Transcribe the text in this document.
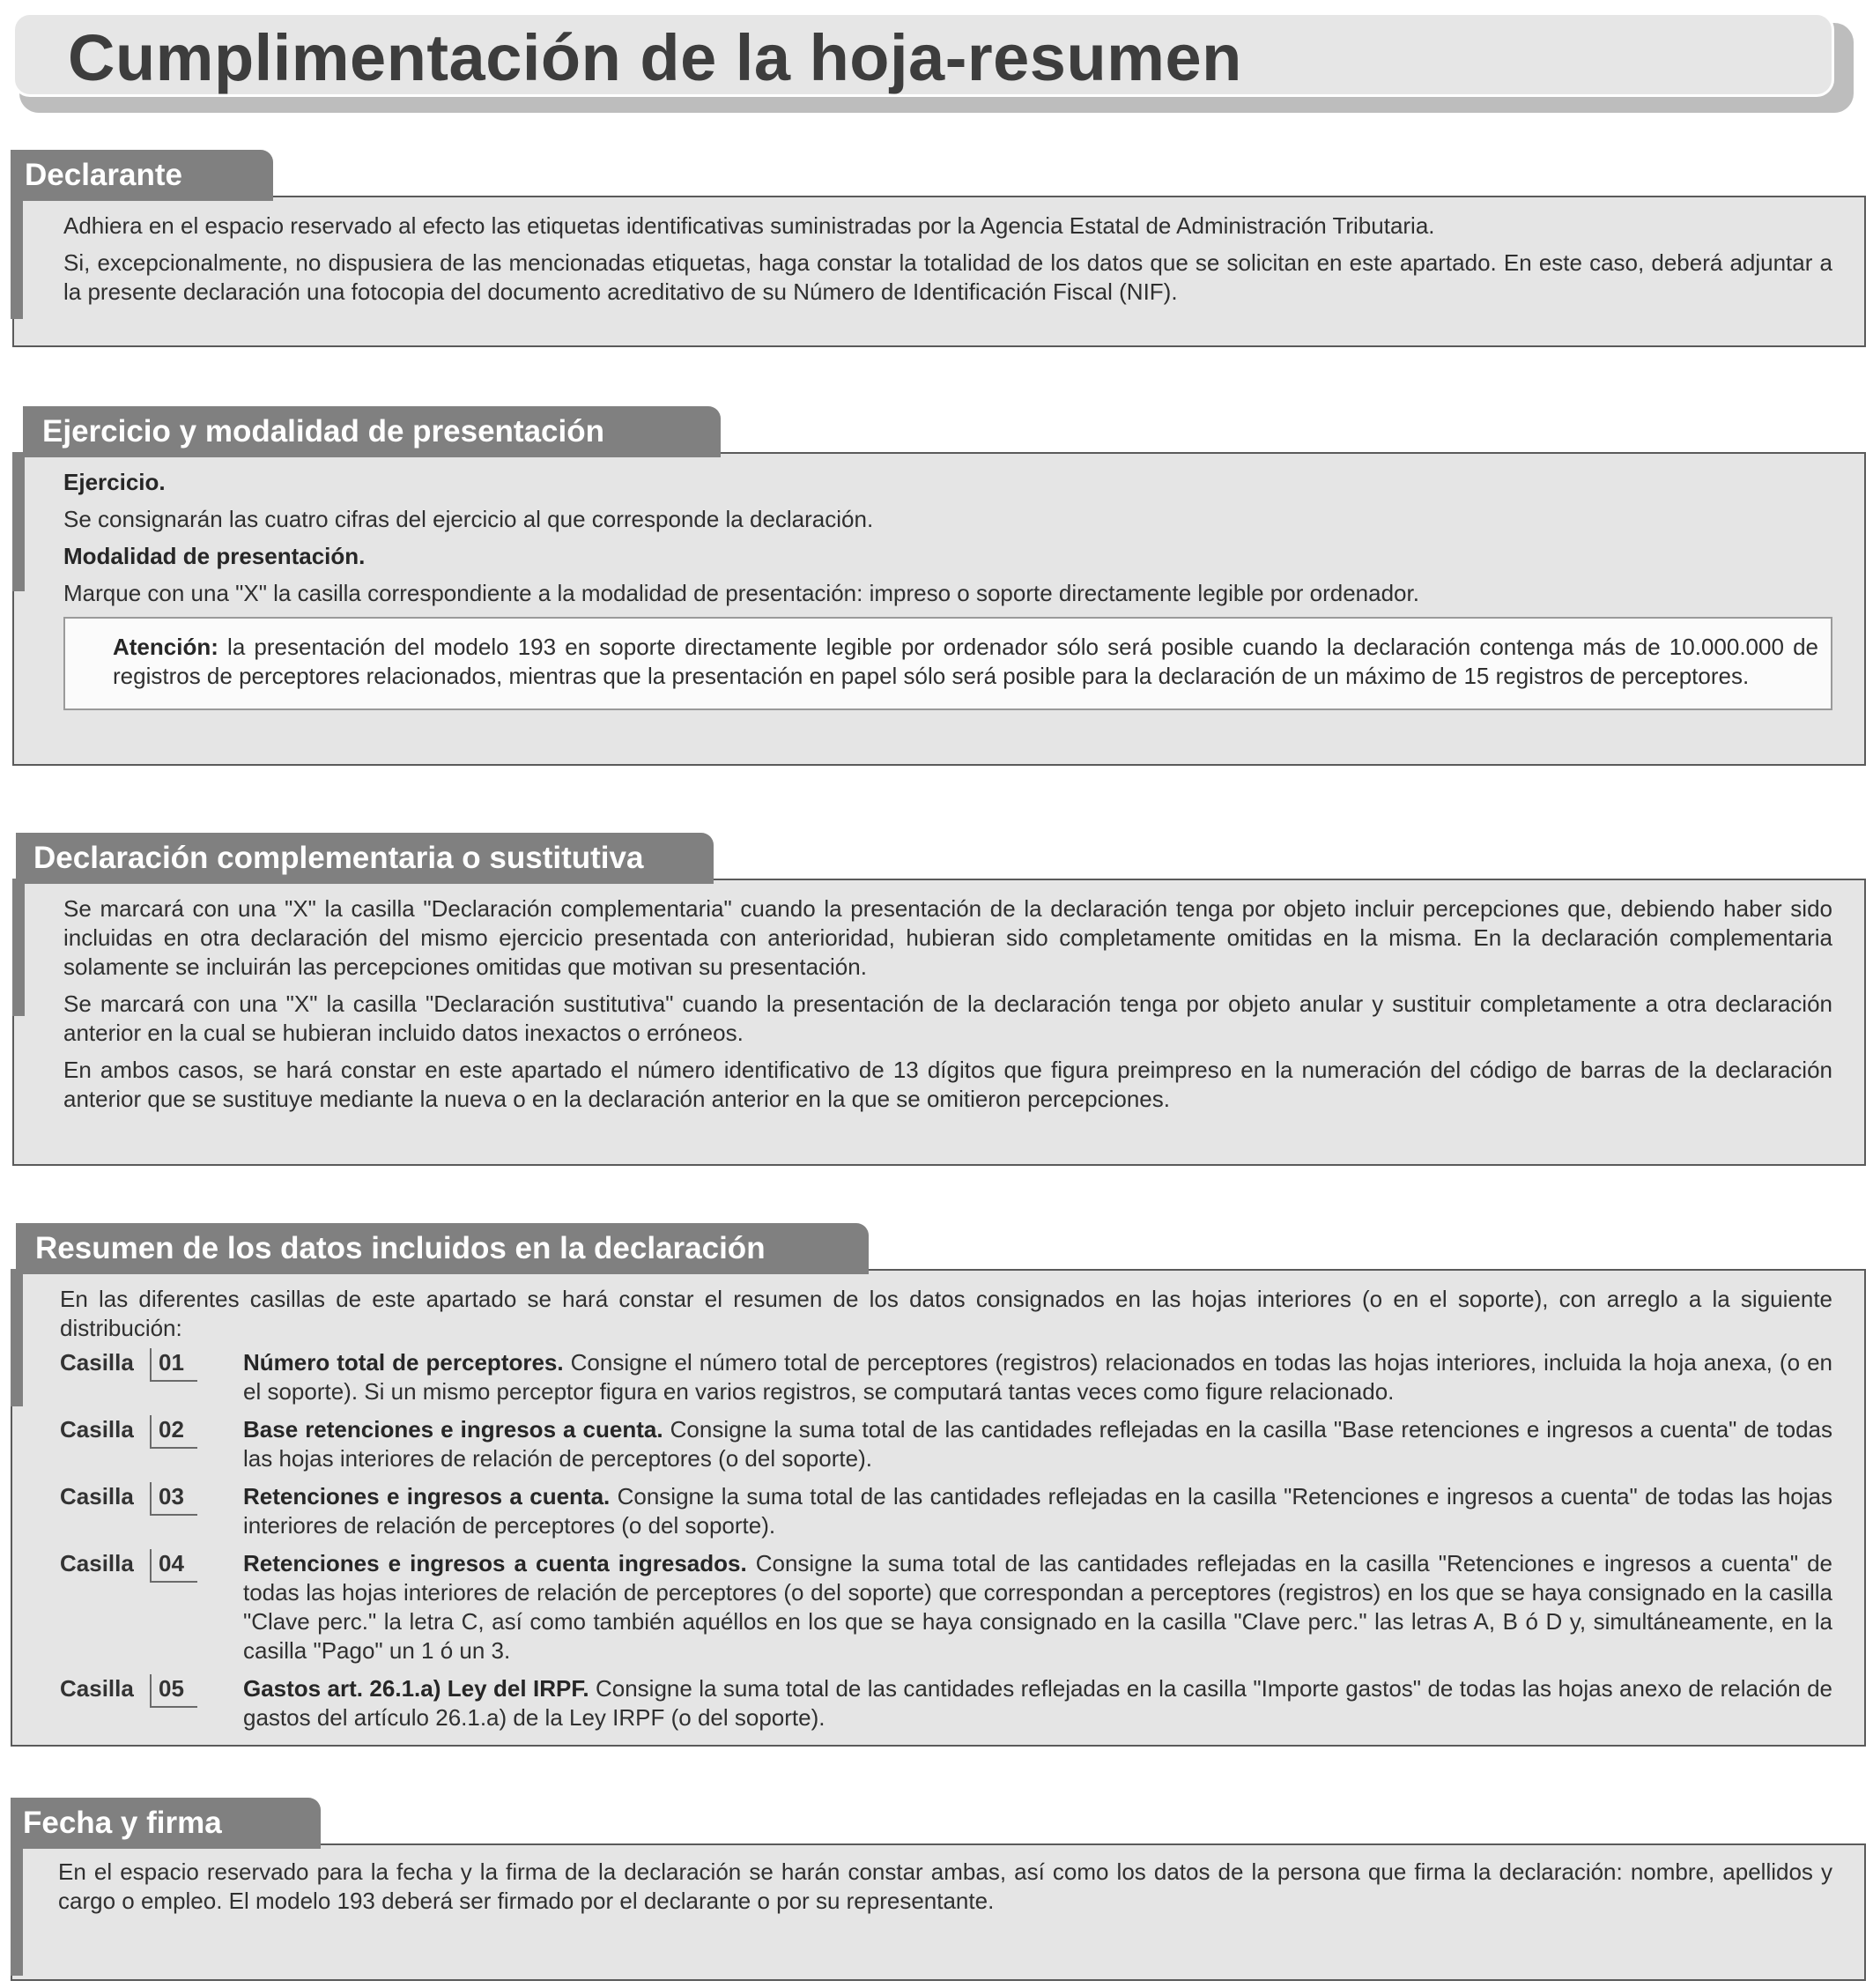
Cumplimentación de la hoja-resumen
Declarante

Adhiera en el espacio reservado al efecto las etiquetas identificativas suministradas por la Agencia Estatal de Administración Tributaria.

Si, excepcionalmente, no dispusiera de las mencionadas etiquetas, haga constar la totalidad de los datos que se solicitan en este apartado. En este caso, deberá adjuntar a la presente declaración una fotocopia del documento acreditativo de su Número de Identificación Fiscal (NIF).

Ejercicio y modalidad de presentación

Ejercicio.

Se consignarán las cuatro cifras del ejercicio al que corresponde la declaración.

Modalidad de presentación.

Marque con una "X" la casilla correspondiente a la modalidad de presentación: impreso o soporte directamente legible por ordenador.

Atención: la presentación del modelo 193 en soporte directamente legible por ordenador sólo será posible cuando la declaración contenga más de 10.000.000 de registros de perceptores relacionados, mientras que la presentación en papel sólo será posible para la declaración de un máximo de 15 registros de perceptores.
Declaración complementaria o sustitutiva

Se marcará con una "X" la casilla "Declaración complementaria" cuando la presentación de la declaración tenga por objeto incluir percepciones que, debiendo haber sido incluidas en otra declaración del mismo ejercicio presentada con anterioridad, hubieran sido completamente omitidas en la misma. En la declaración complementaria solamente se incluirán las percepciones omitidas que motivan su presentación.

Se marcará con una "X" la casilla "Declaración sustitutiva" cuando la presentación de la declaración tenga por objeto anular y sustituir completamente a otra declaración anterior en la cual se hubieran incluido datos inexactos o erróneos.

En ambos casos, se hará constar en este apartado el número identificativo de 13 dígitos que figura preimpreso en la numeración del código de barras de la declaración anterior que se sustituye mediante la nueva o en la declaración anterior en la que se omitieron percepciones.

Resumen de los datos incluidos en la declaración

En las diferentes casillas de este apartado se hará constar el resumen de los datos consignados en las hojas interiores (o en el soporte), con arreglo a la siguiente distribución:

Casilla	01	Número total de perceptores. Consigne el número total de perceptores (registros) relacionados en todas las hojas interiores, incluida la hoja anexa, (o en el soporte). Si un mismo perceptor figura en varios registros, se computará tantas veces como figure relacionado.
Casilla	02	Base retenciones e ingresos a cuenta. Consigne la suma total de las cantidades reflejadas en la casilla "Base retenciones e ingresos a cuenta" de todas las hojas interiores de relación de perceptores (o del soporte).
Casilla	03	Retenciones e ingresos a cuenta. Consigne la suma total de las cantidades reflejadas en la casilla "Retenciones e ingresos a cuenta" de todas las hojas interiores de relación de perceptores (o del soporte).
Casilla	04	Retenciones e ingresos a cuenta ingresados. Consigne la suma total de las cantidades reflejadas en la casilla "Retenciones e ingresos a cuenta" de todas las hojas interiores de relación de perceptores (o del soporte) que correspondan a perceptores (registros) en los que se haya consignado en la casilla "Clave perc." la letra C, así como también aquéllos en los que se haya consignado en la casilla "Clave perc." las letras A, B ó D y, simultáneamente, en la casilla "Pago" un 1 ó un 3.
Casilla	05	Gastos art. 26.1.a) Ley del IRPF. Consigne la suma total de las cantidades reflejadas en la casilla "Importe gastos" de todas las hojas anexo de relación de gastos del artículo 26.1.a) de la Ley IRPF (o del soporte).
Fecha y firma

En el espacio reservado para la fecha y la firma de la declaración se harán constar ambas, así como los datos de la persona que firma la declaración: nombre, apellidos y cargo o empleo. El modelo 193 deberá ser firmado por el declarante o por su representante.
